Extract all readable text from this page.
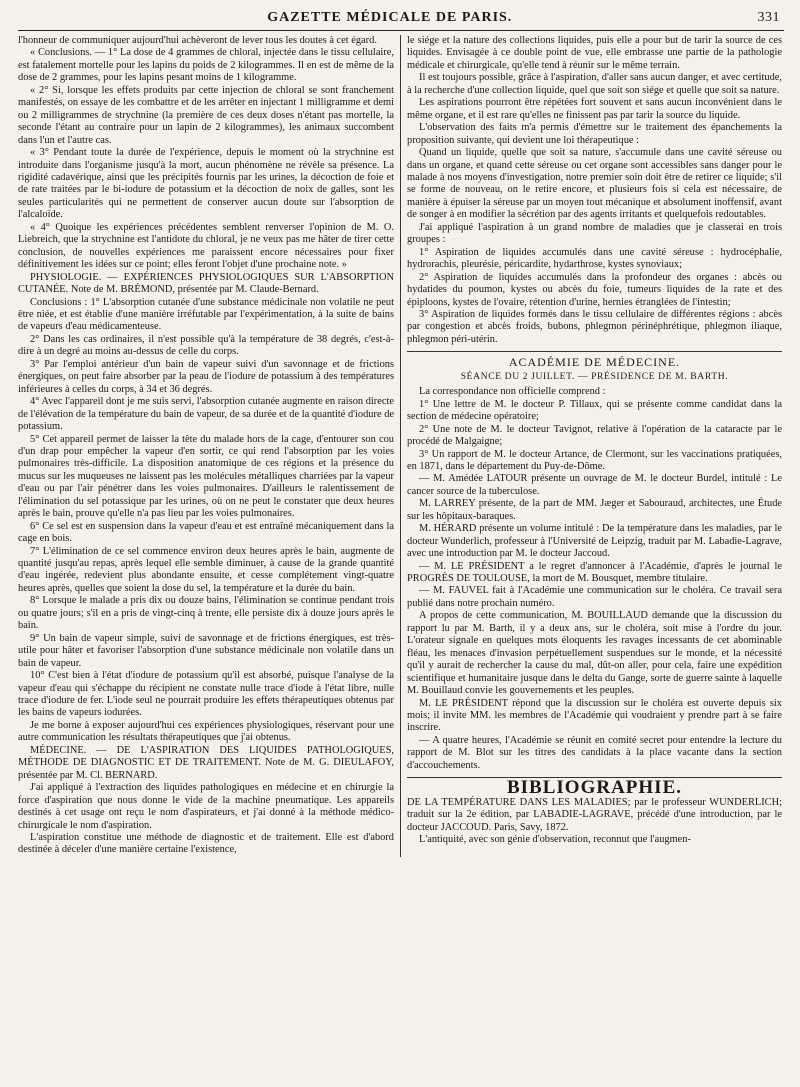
GAZETTE MÉDICALE DE PARIS.	331

l'honneur de communiquer aujourd'hui achèveront de lever tous les doutes à cet égard.

« Conclusions. — 1° La dose de 4 grammes de chloral, injectée dans le tissu cellulaire, est fatalement mortelle pour les lapins du poids de 2 kilogrammes. Il en est de même de la dose de 2 grammes, pour les lapins pesant moins de 1 kilogramme.

« 2° Si, lorsque les effets produits par cette injection de chloral se sont franchement manifestés, on essaye de les combattre et de les arrêter en injectant 1 milligramme et demi ou 2 milligrammes de strychnine (la première de ces deux doses n'étant pas mortelle, la seconde l'étant au contraire pour un lapin de 2 kilogrammes), les animaux succombent dans l'un et l'autre cas.

« 3° Pendant toute la durée de l'expérience, depuis le moment où la strychnine est introduite dans l'organisme jusqu'à la mort, aucun phénomène ne révèle sa présence. La rigidité cadavérique, ainsi que les précipités fournis par les urines, la décoction de foie et de rate traitées par le bi-iodure de potassium et la décoction de noix de galles, sont les seules particularités qui ne permettent de conserver aucun doute sur l'absorption de l'alcaloïde.

« 4° Quoique les expériences précédentes semblent renverser l'opinion de M. O. Liebreich, que la strychnine est l'antidote du chloral, je ne veux pas me hâter de tirer cette conclusion, de nouvelles expériences me paraissent encore nécessaires pour fixer définitivement les idées sur ce point; elles feront l'objet d'une prochaine note. »

PHYSIOLOGIE. — EXPÉRIENCES PHYSIOLOGIQUES SUR L'ABSORPTION CUTANÉE. Note de M. BRÉMOND, présentée par M. Claude-Bernard.

Conclusions : 1° L'absorption cutanée d'une substance médicinale non volatile ne peut être niée, et est établie d'une manière irréfutable par l'expérimentation, à la suite de bains de vapeurs d'eau médicamenteuse.

2° Dans les cas ordinaires, il n'est possible qu'à la température de 38 degrés, c'est-à-dire à un degré au moins au-dessus de celle du corps.

3° Par l'emploi antérieur d'un bain de vapeur suivi d'un savonnage et de frictions énergiques, on peut faire absorber par la peau de l'iodure de potassium à des températures inférieures à celles du corps, à 34 et 36 degrés.

4° Avec l'appareil dont je me suis servi, l'absorption cutanée augmente en raison directe de l'élévation de la température du bain de vapeur, de sa durée et de la quantité d'iodure de potassium.

5° Cet appareil permet de laisser la tête du malade hors de la cage, d'entourer son cou d'un drap pour empêcher la vapeur d'en sortir, ce qui rend l'absorption par les voies pulmonaires très-difficile. La disposition anatomique de ces régions et la présence du mucus sur les muqueuses ne laissent pas les molécules métalliques charriées par la vapeur d'eau ou par l'air pénétrer dans les voies pulmonaires. D'ailleurs le ralentissement de l'élimination du sel potassique par les urines, où on ne peut le constater que deux heures après le bain, prouve qu'elle n'a pas lieu par les voies pulmonaires.

6° Ce sel est en suspension dans la vapeur d'eau et est entraîné mécaniquement dans la cage en bois.

7° L'élimination de ce sel commence environ deux heures après le bain, augmente de quantité jusqu'au repas, après lequel elle semble diminuer, à cause de la grande quantité d'eau ingérée, redevient plus abondante ensuite, et cesse complétement vingt-quatre heures après, quelles que soient la dose du sel, la température et la durée du bain.

8° Lorsque le malade a pris dix ou douze bains, l'élimination se continue pendant trois ou quatre jours; s'il en a pris de vingt-cinq à trente, elle persiste dix à douze jours après le bain.

9° Un bain de vapeur simple, suivi de savonnage et de frictions énergiques, est très-utile pour hâter et favoriser l'absorption d'une substance médicinale non volatile dans un bain de vapeur.

10° C'est bien à l'état d'iodure de potassium qu'il est absorbé, puisque l'analyse de la vapeur d'eau qui s'échappe du récipient ne constate nulle trace d'iode à l'état libre, nulle trace d'iodure de fer. L'iode seul ne pourrait produire les effets thérapeutiques obtenus par les bains de vapeurs iodurées.

Je me borne à exposer aujourd'hui ces expériences physiologiques, réservant pour une autre communication les résultats thérapeutiques que j'ai obtenus.

MÉDECINE. — DE L'ASPIRATION DES LIQUIDES PATHOLOGIQUES, MÉTHODE DE DIAGNOSTIC ET DE TRAITEMENT. Note de M. G. DIEULAFOY, présentée par M. Cl. BERNARD.

J'ai appliqué à l'extraction des liquides pathologiques en médecine et en chirurgie la force d'aspiration que nous donne le vide de la machine pneumatique. Les appareils destinés à cet usage ont reçu le nom d'aspirateurs, et j'ai donné à la méthode médico-chirurgicale le nom d'aspiration.

L'aspiration constitue une méthode de diagnostic et de traitement. Elle est d'abord destinée à déceler d'une manière certaine l'existence,

le siége et la nature des collections liquides, puis elle a pour but de tarir la source de ces liquides. Envisagée à ce double point de vue, elle embrasse une partie de la pathologie médicale et chirurgicale, qu'elle tend à réunir sur le même terrain.

Il est toujours possible, grâce à l'aspiration, d'aller sans aucun danger, et avec certitude, à la recherche d'une collection liquide, quel que soit son siége et quelle que soit sa nature.

Les aspirations pourront être répétées fort souvent et sans aucun inconvénient dans le même organe, et il est rare qu'elles ne finissent pas par tarir la source du liquide.

L'observation des faits m'a permis d'émettre sur le traitement des épanchements la proposition suivante, qui devient une loi thérapeutique :

Quand un liquide, quelle que soit sa nature, s'accumule dans une cavité séreuse ou dans un organe, et quand cette séreuse ou cet organe sont accessibles sans danger pour le malade à nos moyens d'investigation, notre premier soin doit être de retirer ce liquide; s'il se forme de nouveau, on le retire encore, et plusieurs fois si cela est nécessaire, de manière à épuiser la séreuse par un moyen tout mécanique et absolument inoffensif, avant de songer à en modifier la sécrétion par des agents irritants et quelquefois redoutables.

J'ai appliqué l'aspiration à un grand nombre de maladies que je classerai en trois groupes :

1° Aspiration de liquides accumulés dans une cavité séreuse : hydrocéphalie, hydrorachis, pleurésie, péricardite, hydarthrose, kystes synoviaux;

2° Aspiration de liquides accumulés dans la profondeur des organes : abcès ou hydatides du poumon, kystes ou abcès du foie, tumeurs liquides de la rate et des épiploons, kystes de l'ovaire, rétention d'urine, hernies étranglées de l'intestin;

3° Aspiration de liquides formés dans le tissu cellulaire de différentes régions : abcès par congestion et abcès froids, bubons, phlegmon périnéphrétique, phlegmon iliaque, phlegmon péri-utérin.

ACADÉMIE DE MÉDECINE.
SÉANCE DU 2 JUILLET. — PRÉSIDENCE DE M. BARTH.

La correspondance non officielle comprend :

1° Une lettre de M. le docteur P. Tillaux, qui se présente comme candidat dans la section de médecine opératoire;

2° Une note de M. le docteur Tavignot, relative à l'opération de la cataracte par le procédé de Malgaigne;

3° Un rapport de M. le docteur Artance, de Clermont, sur les vaccinations pratiquées, en 1871, dans le département du Puy-de-Dôme.

— M. Amédée LATOUR présente un ouvrage de M. le docteur Burdel, intitulé : Le cancer source de la tuberculose.

M. LARREY présente, de la part de MM. Jæger et Sabouraud, architectes, une Étude sur les hôpitaux-baraques.

M. HÉRARD présente un volume intitulé : De la température dans les maladies, par le docteur Wunderlich, professeur à l'Université de Leipzig, traduit par M. Labadie-Lagrave, avec une introduction par M. le docteur Jaccoud.

— M. LE PRÉSIDENT a le regret d'annoncer à l'Académie, d'après le journal le PROGRÈS DE TOULOUSE, la mort de M. Bousquet, membre titulaire.

— M. FAUVEL fait à l'Académie une communication sur le choléra. Ce travail sera publié dans notre prochain numéro.

A propos de cette communication, M. BOUILLAUD demande que la discussion du rapport lu par M. Barth, il y a deux ans, sur le choléra, soit mise à l'ordre du jour. L'orateur signale en quelques mots éloquents les ravages incessants de cet abominable fléau, les menaces d'invasion perpétuellement suspendues sur le monde, et la nécessité qu'il y aurait de rechercher la cause du mal, dût-on aller, pour cela, faire une expédition scientifique et humanitaire jusque dans le delta du Gange, sorte de guerre sainte à laquelle M. Bouillaud convie les gouvernements et les peuples.

M. LE PRÉSIDENT répond que la discussion sur le choléra est ouverte depuis six mois; il invite MM. les membres de l'Académie qui voudraient y prendre part à se faire inscrire.

— A quatre heures, l'Académie se réunit en comité secret pour entendre la lecture du rapport de M. Blot sur les titres des candidats à la place vacante dans la section d'accouchements.

BIBLIOGRAPHIE.

DE LA TEMPÉRATURE DANS LES MALADIES; par le professeur WUNDERLICH; traduit sur la 2e édition, par LABADIE-LAGRAVE, précédé d'une introduction, par le docteur JACCOUD. Paris, Savy, 1872.

L'antiquité, avec son génie d'observation, reconnut que l'augmen-
